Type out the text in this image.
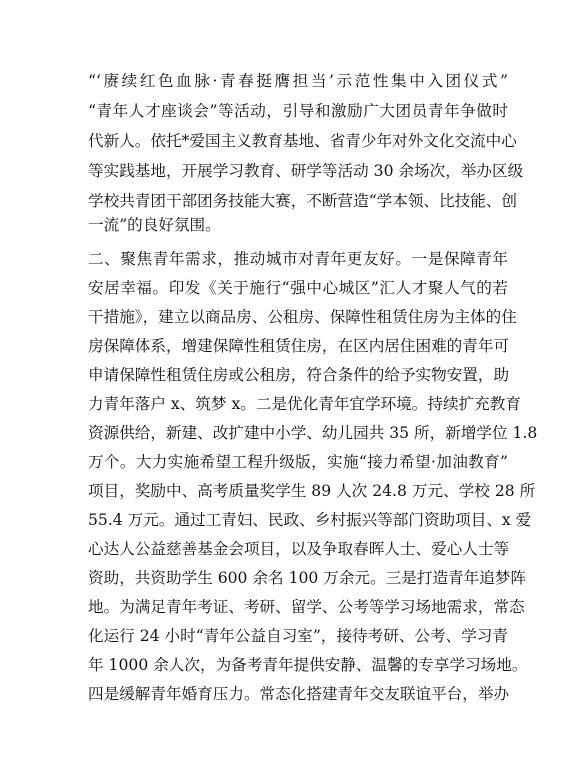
“‘赓续红色血脉·青春挺膺担当’示范性集中入团仪式”
“青年人才座谈会”等活动，引导和激励广大团员青年争做时
代新人。依托*爱国主义教育基地、省青少年对外文化交流中心
等实践基地，开展学习教育、研学等活动 30 余场次，举办区级
学校共青团干部团务技能大赛，不断营造“学本领、比技能、创
一流”的良好氛围。
二、聚焦青年需求，推动城市对青年更友好。一是保障青年
安居幸福。印发《关于施行“强中心城区”汇人才聚人气的若
干措施》，建立以商品房、公租房、保障性租赁住房为主体的住
房保障体系，增建保障性租赁住房，在区内居住困难的青年可
申请保障性租赁住房或公租房，符合条件的给予实物安置，助
力青年落户 x、筑梦 x。二是优化青年宜学环境。持续扩充教育
资源供给，新建、改扩建中小学、幼儿园共 35 所，新增学位 1.8
万个。大力实施希望工程升级版，实施“接力希望·加油教育”
项目，奖励中、高考质量奖学生 89 人次 24.8 万元、学校 28 所
55.4 万元。通过工青妇、民政、乡村振兴等部门资助项目、x 爱
心达人公益慈善基金会项目，以及争取春晖人士、爱心人士等
资助，共资助学生 600 余名 100 万余元。三是打造青年追梦阵
地。为满足青年考证、考研、留学、公考等学习场地需求，常态
化运行 24 小时“青年公益自习室”，接待考研、公考、学习青
年 1000 余人次，为备考青年提供安静、温馨的专享学习场地。
四是缓解青年婚育压力。常态化搭建青年交友联谊平台，举办
